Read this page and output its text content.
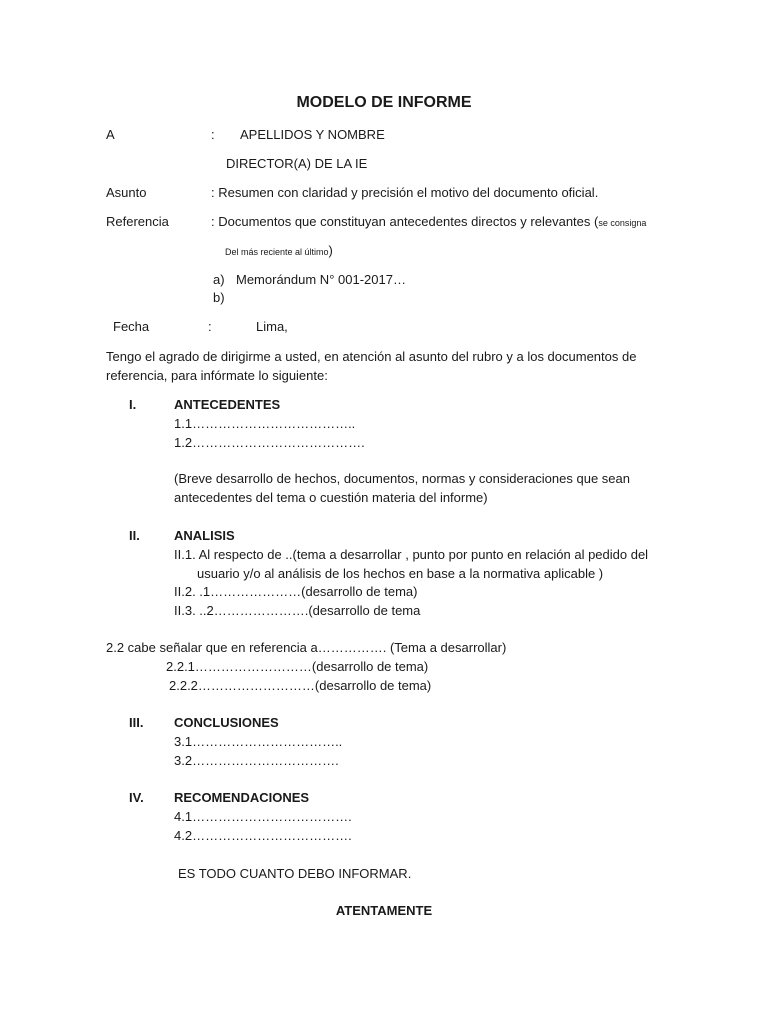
MODELO DE INFORME
A	: APELLIDOS Y NOMBRE
DIRECTOR(A) DE LA IE
Asunto	: Resumen con claridad y precisión el motivo del documento oficial.
Referencia	: Documentos que constituyan antecedentes directos y relevantes (se consigna
Del más reciente al último)
a) Memorándum N° 001-2017…
b)
Fecha	:	Lima,
Tengo el agrado de dirigirme a usted, en atención al asunto del rubro y a los documentos de
referencia, para infórmate lo siguiente:
I.	ANTECEDENTES
1.1………………………………..
1.2………………………………….
(Breve desarrollo de hechos, documentos, normas y consideraciones que sean
antecedentes del tema o cuestión materia del informe)
II.	ANALISIS
II.1. Al respecto de ..(tema a desarrollar , punto por punto en relación al pedido del
usuario y/o al análisis de los hechos en base a la normativa aplicable )
II.2. .1…………………(desarrollo de tema)
II.3. ..2………………….(desarrollo de tema
2.2 cabe señalar que en referencia a……………. (Tema a desarrollar)
2.2.1………………………(desarrollo de tema)
2.2.2………………………(desarrollo de tema)
III. CONCLUSIONES
3.1……………………………..
3.2…………………………….
IV. RECOMENDACIONES
4.1……………………………….
4.2……………………………….
ES TODO CUANTO DEBO INFORMAR.
ATENTAMENTE
